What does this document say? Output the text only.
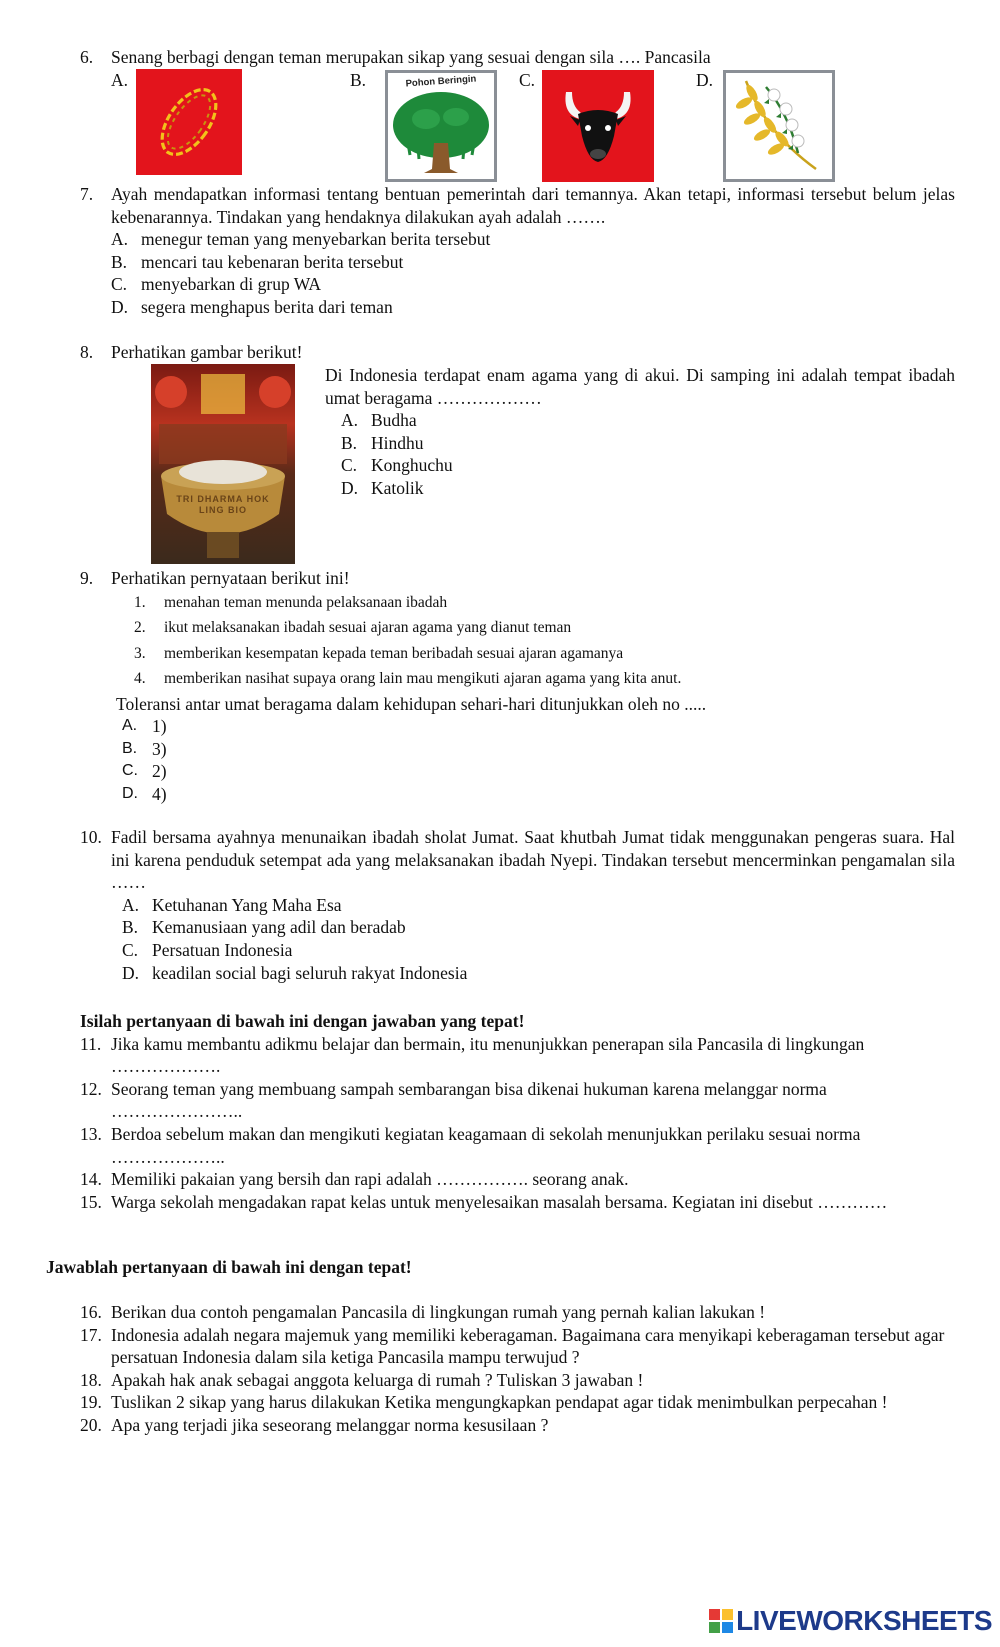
6. Senang berbagi dengan teman merupakan sikap yang sesuai dengan sila …. Pancasila
A.	B.	C.	D.
Pohon Beringin
7. Ayah mendapatkan informasi tentang bentuan pemerintah dari temannya. Akan tetapi, informasi tersebut belum jelas kebenarannya. Tindakan yang hendaknya dilakukan ayah adalah …….
A. menegur teman yang menyebarkan berita tersebut
B. mencari tau kebenaran berita tersebut
C. menyebarkan di grup WA
D. segera menghapus berita dari teman
8. Perhatikan gambar berikut!
TRI DHARMA HOK LING BIO
Di Indonesia terdapat enam agama yang di akui. Di samping ini adalah tempat ibadah umat beragama ………………
A. Budha
B. Hindhu
C. Konghuchu
D. Katolik
9. Perhatikan pernyataan berikut ini!
1. menahan teman menunda pelaksanaan ibadah
2. ikut melaksanakan ibadah sesuai ajaran agama yang dianut teman
3. memberikan kesempatan kepada teman beribadah sesuai ajaran agamanya
4. memberikan nasihat supaya orang lain mau mengikuti ajaran agama yang kita anut.
Toleransi antar umat beragama dalam kehidupan sehari-hari ditunjukkan oleh no .....
A. 1)
B. 3)
C. 2)
D. 4)
10. Fadil bersama ayahnya menunaikan ibadah sholat Jumat. Saat khutbah Jumat tidak menggunakan pengeras suara. Hal ini karena penduduk setempat ada yang melaksanakan ibadah Nyepi. Tindakan tersebut mencerminkan pengamalan sila ……
A. Ketuhanan Yang Maha Esa
B. Kemanusiaan yang adil dan beradab
C. Persatuan Indonesia
D. keadilan social bagi seluruh rakyat Indonesia
Isilah pertanyaan di bawah ini dengan jawaban yang tepat!
11. Jika kamu membantu adikmu belajar dan bermain, itu menunjukkan penerapan sila Pancasila di lingkungan ……………….
12. Seorang teman yang membuang sampah sembarangan bisa dikenai hukuman karena melanggar norma …………………..
13. Berdoa sebelum makan dan mengikuti kegiatan keagamaan di sekolah menunjukkan perilaku sesuai norma ………………..
14. Memiliki pakaian yang bersih dan rapi adalah ……………. seorang anak.
15. Warga sekolah mengadakan rapat kelas untuk menyelesaikan masalah bersama. Kegiatan ini disebut …………
Jawablah pertanyaan di bawah ini dengan tepat!
16. Berikan dua contoh pengamalan Pancasila di lingkungan rumah yang pernah kalian lakukan !
17. Indonesia adalah negara majemuk yang memiliki keberagaman. Bagaimana cara menyikapi keberagaman tersebut agar persatuan Indonesia dalam sila ketiga Pancasila mampu terwujud ?
18. Apakah hak anak sebagai anggota keluarga di rumah ? Tuliskan 3 jawaban !
19. Tuslikan 2 sikap yang harus dilakukan Ketika mengungkapkan pendapat agar tidak menimbulkan perpecahan !
20. Apa yang terjadi jika seseorang melanggar norma kesusilaan ?
LIVEWORKSHEETS
